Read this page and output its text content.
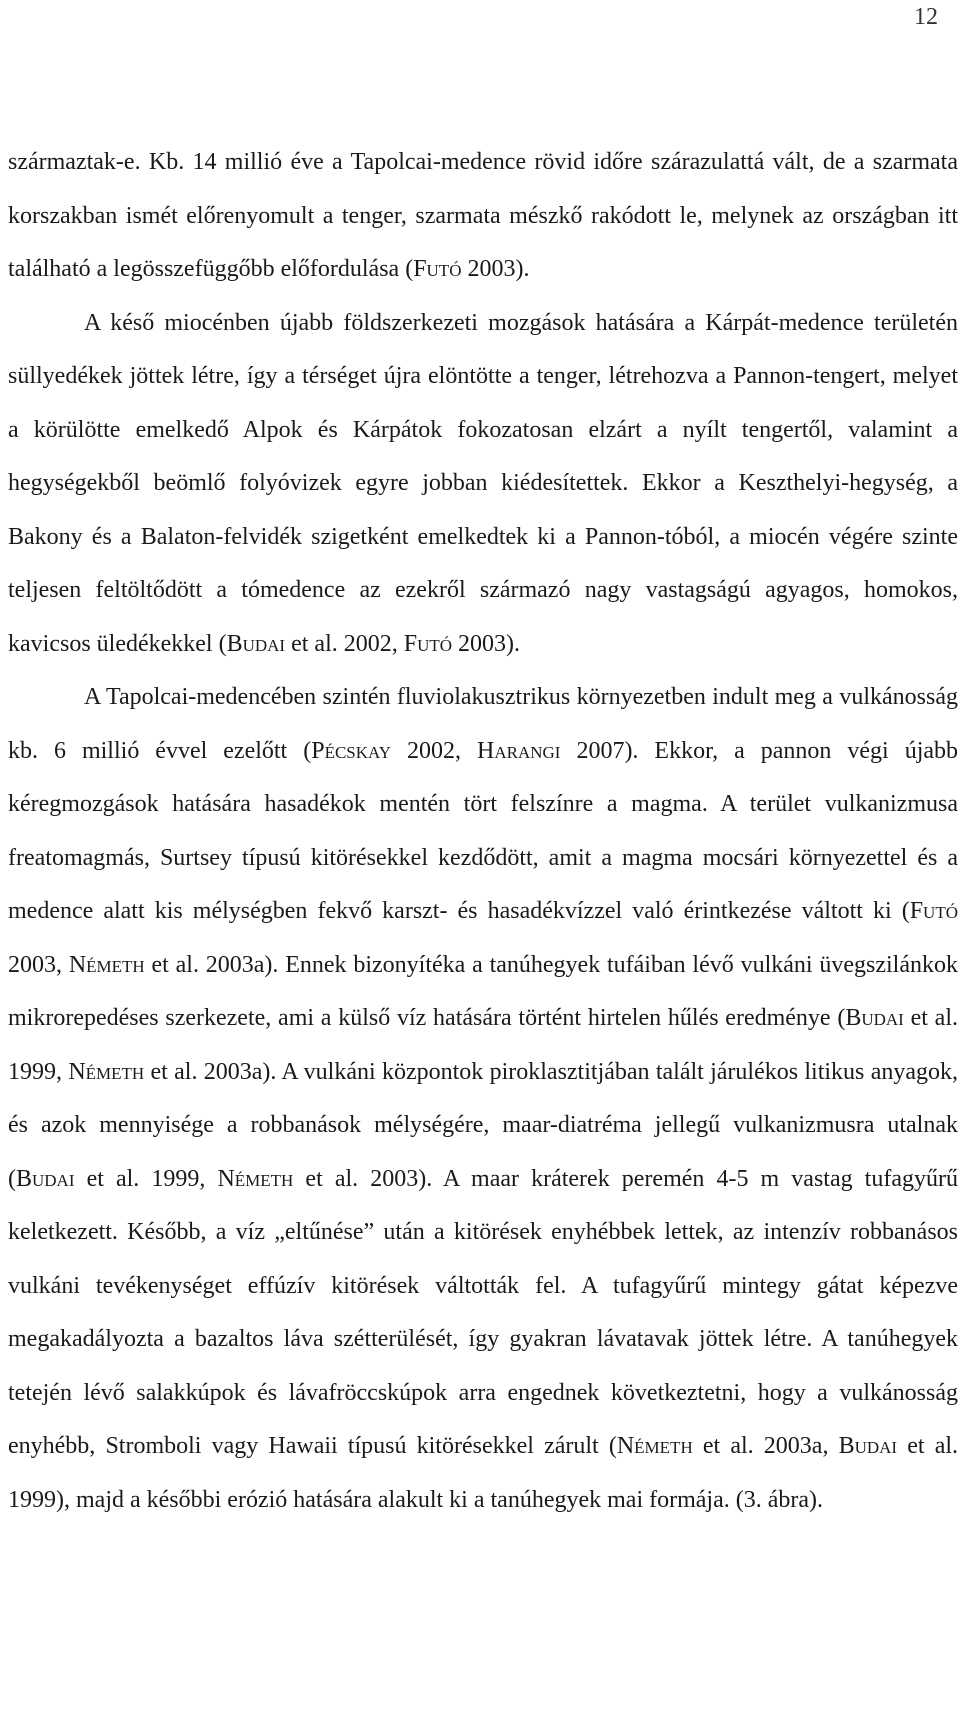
12

származtak-e. Kb. 14 millió éve a Tapolcai-medence rövid időre szárazulattá vált, de a szarmata korszakban ismét előrenyomult a tenger, szarmata mészkő rakódott le, melynek az országban itt található a legösszefüggőbb előfordulása (Futó 2003).

A késő miocénben újabb földszerkezeti mozgások hatására a Kárpát-medence területén süllyedékek jöttek létre, így a térséget újra elöntötte a tenger, létrehozva a Pannon-tengert, melyet a körülötte emelkedő Alpok és Kárpátok fokozatosan elzárt a nyílt tengertől, valamint a hegységekből beömlő folyóvizek egyre jobban kiédesítettek. Ekkor a Keszthelyi-hegység, a Bakony és a Balaton-felvidék szigetként emelkedtek ki a Pannon-tóból, a miocén végére szinte teljesen feltöltődött a tómedence az ezekről származó nagy vastagságú agyagos, homokos, kavicsos üledékekkel (Budai et al. 2002, Futó 2003).

A Tapolcai-medencében szintén fluviolakusztrikus környezetben indult meg a vulkánosság kb. 6 millió évvel ezelőtt (Pécskay 2002, Harangi 2007). Ekkor, a pannon végi újabb kéregmozgások hatására hasadékok mentén tört felszínre a magma. A terület vulkanizmusa freatomagmás, Surtsey típusú kitörésekkel kezdődött, amit a magma mocsári környezettel és a medence alatt kis mélységben fekvő karszt- és hasadékvízzel való érintkezése váltott ki (Futó 2003, Németh et al. 2003a). Ennek bizonyítéka a tanúhegyek tufáiban lévő vulkáni üvegszilánkok mikrorepedéses szerkezete, ami a külső víz hatására történt hirtelen hűlés eredménye (Budai et al. 1999, Németh et al. 2003a). A vulkáni központok piroklasztitjában talált járulékos litikus anyagok, és azok mennyisége a robbanások mélységére, maar-diatréma jellegű vulkanizmusra utalnak (Budai et al. 1999, Németh et al. 2003). A maar kráterek peremén 4-5 m vastag tufagyűrű keletkezett. Később, a víz „eltűnése” után a kitörések enyhébbek lettek, az intenzív robbanásos vulkáni tevékenységet effúzív kitörések váltották fel. A tufagyűrű mintegy gátat képezve megakadályozta a bazaltos láva szétterülését, így gyakran lávatavak jöttek létre. A tanúhegyek tetején lévő salakkúpok és lávafröccskúpok arra engednek következtetni, hogy a vulkánosság enyhébb, Stromboli vagy Hawaii típusú kitörésekkel zárult (Németh et al. 2003a, Budai et al. 1999), majd a későbbi erózió hatására alakult ki a tanúhegyek mai formája. (3. ábra).
